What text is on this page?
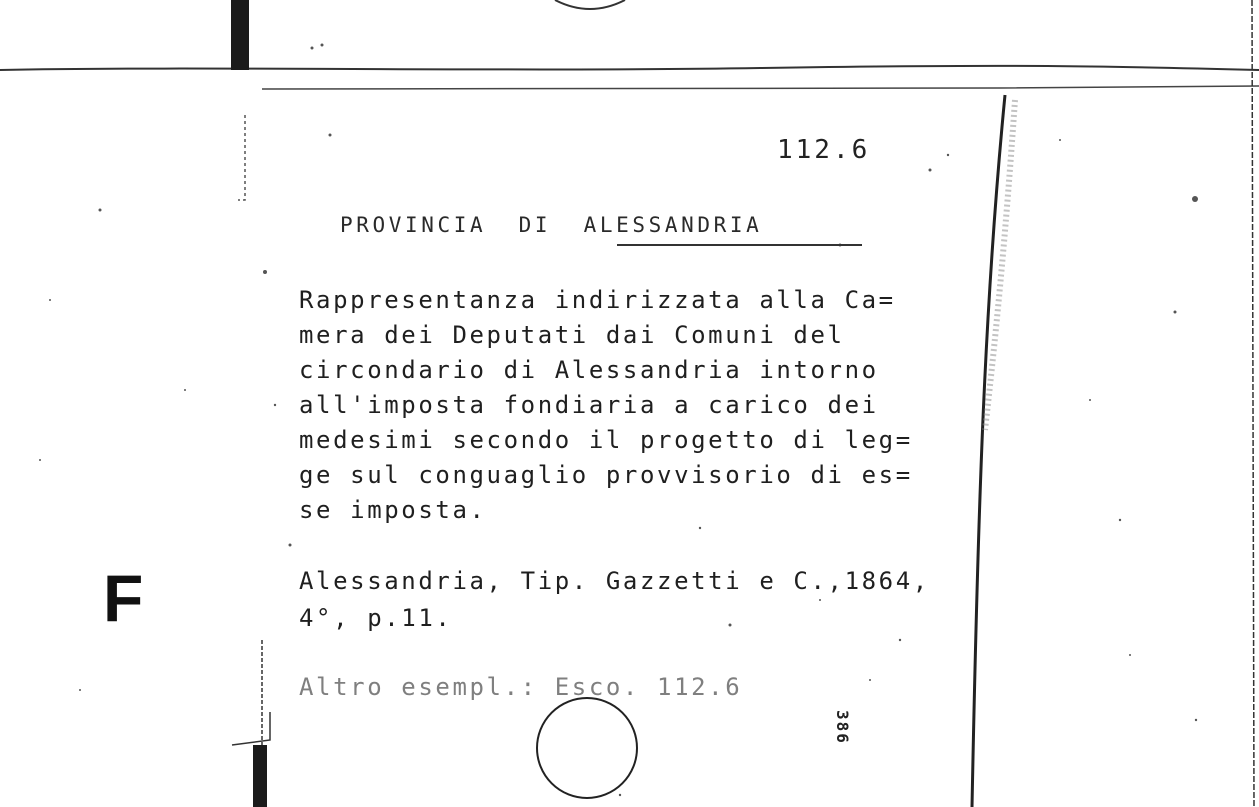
F
112.6
PROVINCIA  DI  ALESSANDRIA
Rappresentanza indirizzata alla Ca=
mera dei Deputati dai Comuni del
circondario di Alessandria intorno
all'imposta fondiaria a carico dei
medesimi secondo il progetto di leg=
ge sul conguaglio provvisorio di es=
se imposta.
Alessandria, Tip. Gazzetti e C.,1864,
4°, p.11.
Altro esempl.: Esco. 112.6
386
